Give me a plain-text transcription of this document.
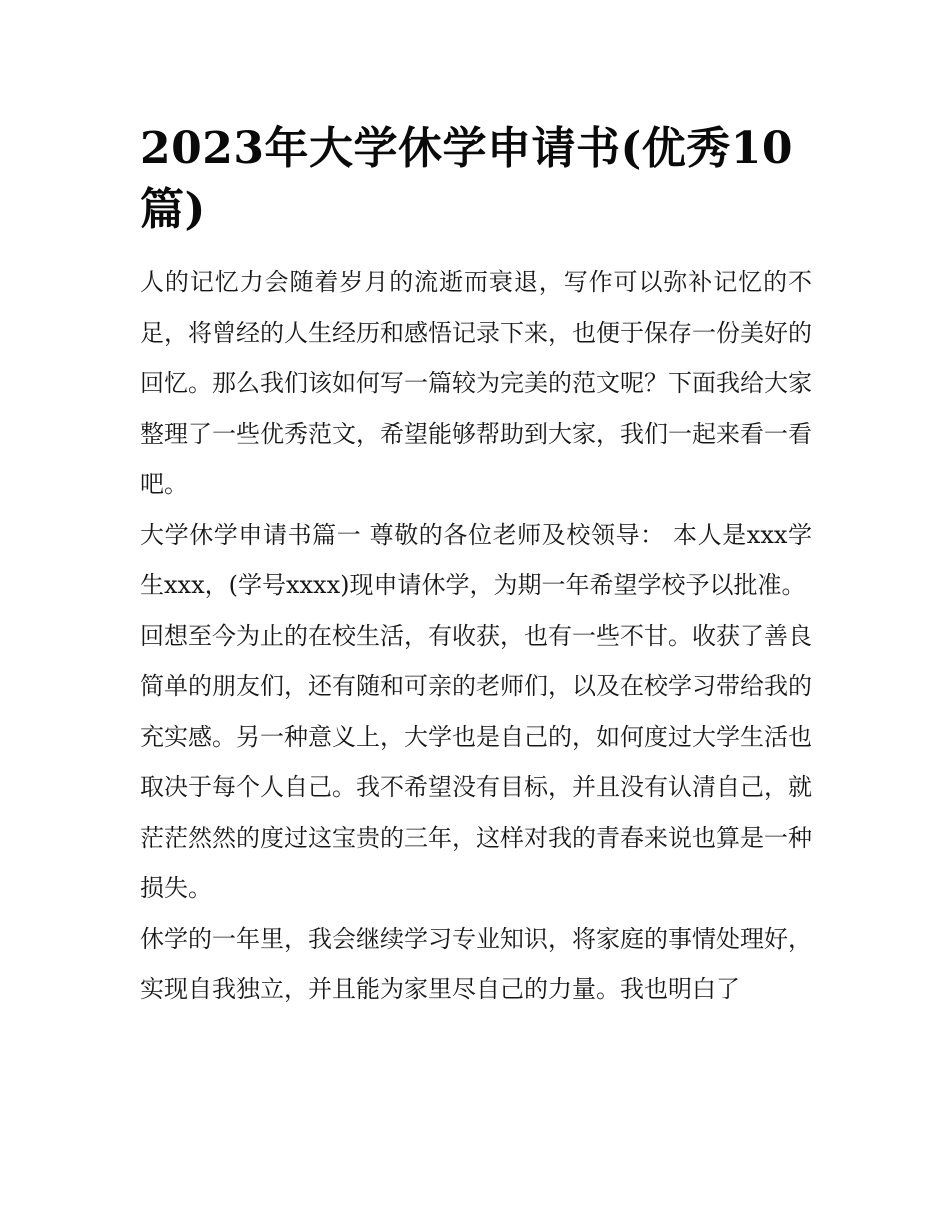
2023年大学休学申请书(优秀10篇)

人的记忆力会随着岁月的流逝而衰退，写作可以弥补记忆的不足，将曾经的人生经历和感悟记录下来，也便于保存一份美好的回忆。那么我们该如何写一篇较为完美的范文呢？下面我给大家整理了一些优秀范文，希望能够帮助到大家，我们一起来看一看吧。

大学休学申请书篇一 尊敬的各位老师及校领导： 本人是xxx学生xxx，(学号xxxx)现申请休学，为期一年希望学校予以批准。

回想至今为止的在校生活，有收获，也有一些不甘。收获了善良简单的朋友们，还有随和可亲的老师们，以及在校学习带给我的充实感。另一种意义上，大学也是自己的，如何度过大学生活也取决于每个人自己。我不希望没有目标，并且没有认清自己，就茫茫然然的度过这宝贵的三年，这样对我的青春来说也算是一种损失。

休学的一年里，我会继续学习专业知识，将家庭的事情处理好，实现自我独立，并且能为家里尽自己的力量。我也明白了
